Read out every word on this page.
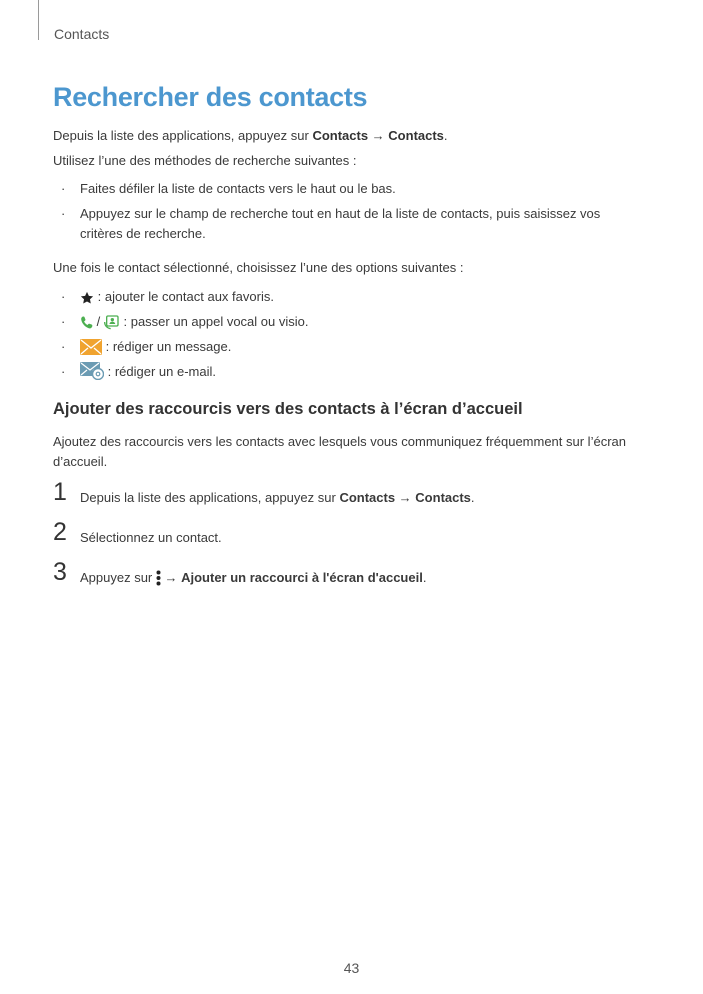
Contacts
Rechercher des contacts

Depuis la liste des applications, appuyez sur Contacts → Contacts.

Utilisez l’une des méthodes de recherche suivantes :

· Faites défiler la liste de contacts vers le haut ou le bas.
· Appuyez sur le champ de recherche tout en haut de la liste de contacts, puis saisissez vos critères de recherche.

Une fois le contact sélectionné, choisissez l’une des options suivantes :

· : ajouter le contact aux favoris.
· /  : passer un appel vocal ou visio.
·	: rédiger un message.
·	: rédiger un e-mail.
Ajouter des raccourcis vers des contacts à l’écran d’accueil

Ajoutez des raccourcis vers les contacts avec lesquels vous communiquez fréquemment sur l’écran d’accueil.

1 Depuis la liste des applications, appuyez sur Contacts → Contacts.
2 Sélectionnez un contact.
3 Appuyez sur  → Ajouter un raccourci à l'écran d'accueil.
43
